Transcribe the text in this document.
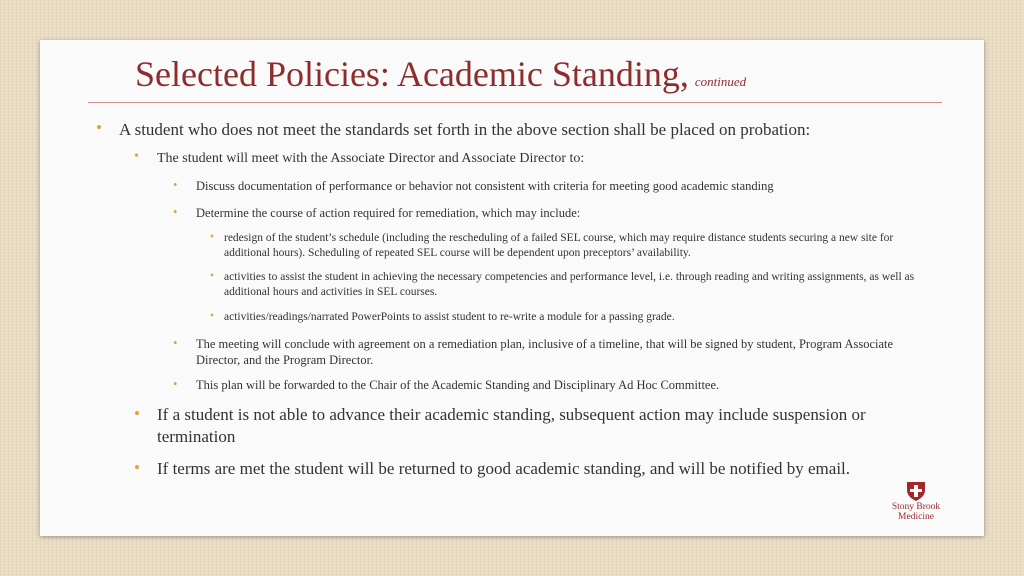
Selected Policies: Academic Standing, continued
• A student who does not meet the standards set forth in the above section shall be placed on probation:
• The student will meet with the Associate Director and Associate Director to:
• Discuss documentation of performance or behavior not consistent with criteria for meeting good academic standing
• Determine the course of action required for remediation, which may include:
• redesign of the student’s schedule (including the rescheduling of a failed SEL course, which may require distance students securing a new site for additional hours). Scheduling of repeated SEL course will be dependent upon preceptors’ availability.
• activities to assist the student in achieving the necessary competencies and performance level, i.e. through reading and writing assignments, as well as additional hours and activities in SEL courses.
• activities/readings/narrated PowerPoints to assist student to re-write a module for a passing grade.
• The meeting will conclude with agreement on a remediation plan, inclusive of a timeline, that will be signed by student, Program Associate Director, and the Program Director.
• This plan will be forwarded to the Chair of the Academic Standing and Disciplinary Ad Hoc Committee.
• If a student is not able to advance their academic standing, subsequent action may include suspension or termination
• If terms are met the student will be returned to good academic standing, and will be notified by email.
Stony Brook
Medicine
